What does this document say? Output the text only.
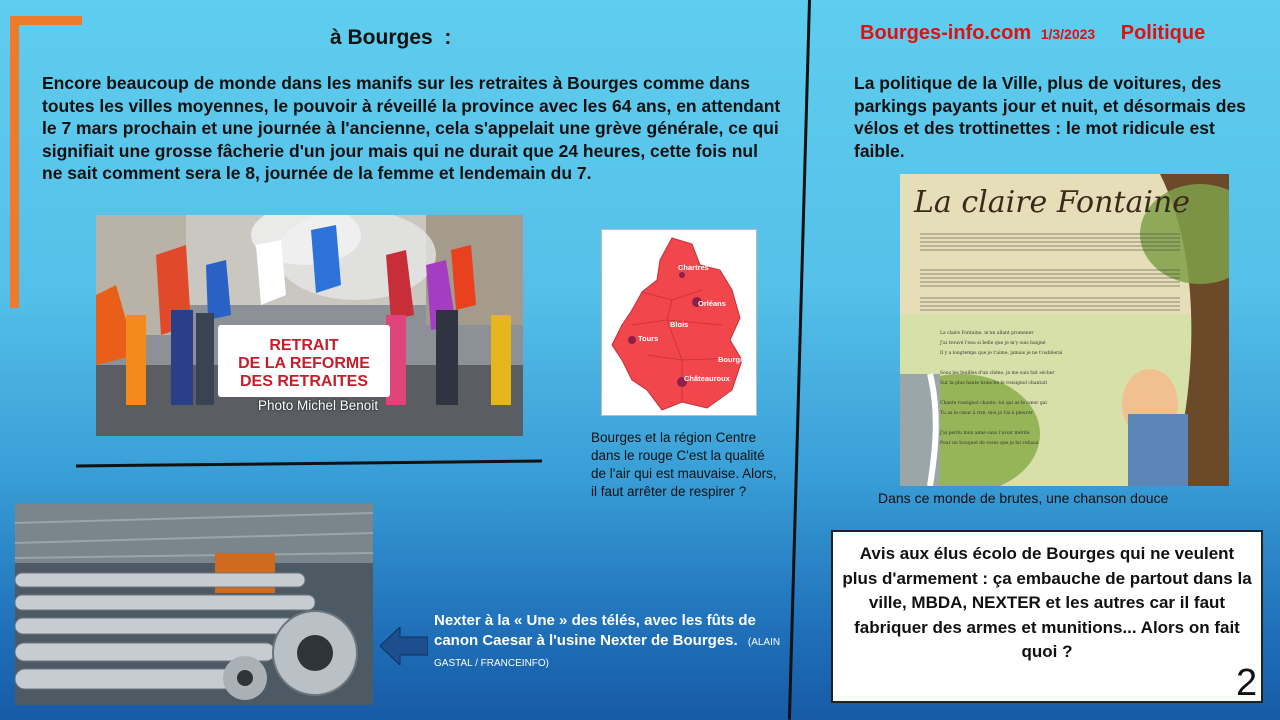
à Bourges  :
Encore beaucoup de monde dans les manifs sur les retraites à Bourges comme dans toutes les villes moyennes, le pouvoir à réveillé la province avec les 64 ans, en attendant le 7 mars prochain et une journée à l'ancienne, cela s'appelait une grève générale, ce qui signifiait une grosse fâcherie d'un jour mais qui ne durait que 24 heures, cette fois nul ne sait comment sera le 8, journée de la femme et lendemain du 7.
Bourges-info.com 1/3/2023 Politique
La politique de la Ville, plus de voitures, des parkings payants jour et nuit, et désormais des vélos et des trottinettes : le mot ridicule est faible.
RETRAIT
DE LA REFORME
DES RETRAITES
Photo Michel Benoit
Chartres
Orléans
Blois
Tours
Bourges
Châteauroux
Bourges et la région Centre dans le rouge C'est la qualité de l'air qui est mauvaise. Alors, il faut arrêter de respirer ?
La claire Fontaine, m'en allant promener
J'ai trouvé l'eau si belle que je m'y suis baigné
Il y a longtemps que je t'aime, jamais je ne t'oublierai
Sous les feuilles d'un chêne, je me suis fait sécher
Sur la plus haute branche le rossignol chantait
Chante rossignol chante, toi qui as le cœur gai
Tu as le cœur à rire, moi je l'ai à pleurer
J'ai perdu mon amie sans l'avoir mérité
Pour un bouquet de roses que je lui refusai
La claire Fontaine
Dans ce monde de brutes, une chanson douce
Nexter à la « Une » des télés, avec les fûts de canon Caesar à l'usine Nexter de Bourges. (ALAIN GASTAL / FRANCEINFO)
Avis aux élus écolo de Bourges qui ne veulent plus d'armement : ça embauche de partout dans la ville, MBDA, NEXTER et les autres car il faut fabriquer des armes et munitions... Alors on fait quoi ?
2
